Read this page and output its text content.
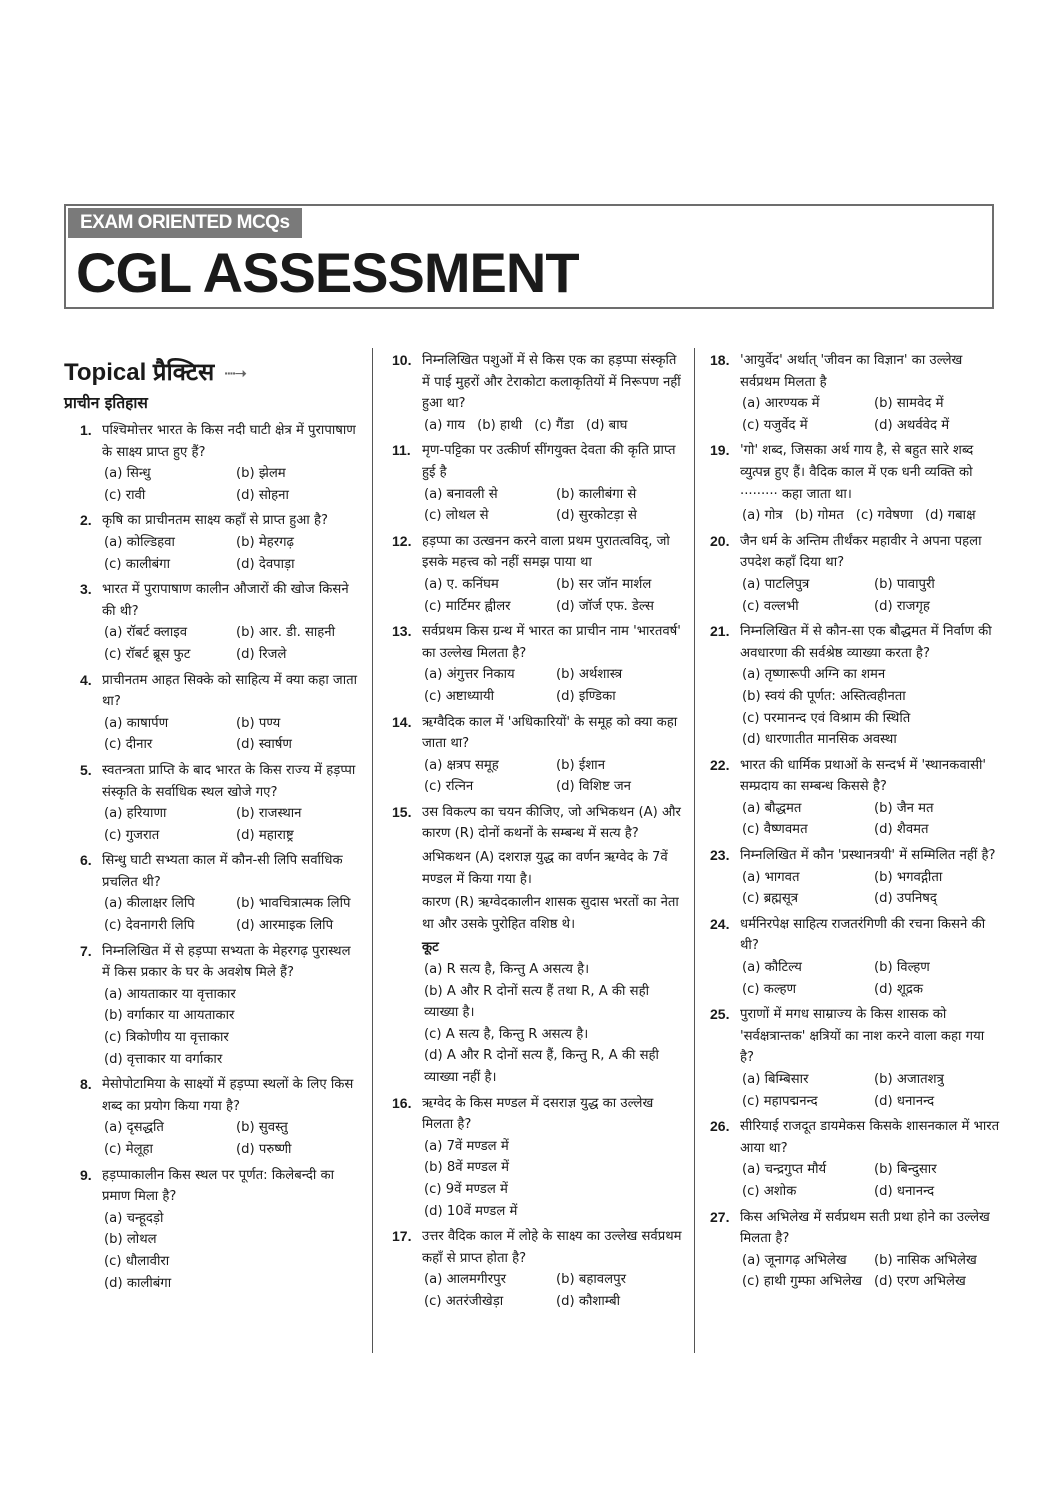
EXAM ORIENTED MCQs
CGL ASSESSMENT
Topical प्रैक्टिस ····➝
प्राचीन इतिहास
1. पश्चिमोत्तर भारत के किस नदी घाटी क्षेत्र में पुरापाषाण के साक्ष्य प्राप्त हुए हैं?
(a) सिन्धु	(b) झेलम
(c) रावी	(d) सोहना
2. कृषि का प्राचीनतम साक्ष्य कहाँ से प्राप्त हुआ है?
(a) कोल्डिहवा	(b) मेहरगढ़
(c) कालीबंगा	(d) देवपाड़ा
3. भारत में पुरापाषाण कालीन औजारों की खोज किसने की थी?
(a) रॉबर्ट क्लाइव	(b) आर. डी. साहनी
(c) रॉबर्ट ब्रूस फुट	(d) रिजले
4. प्राचीनतम आहत सिक्के को साहित्य में क्या कहा जाता था?
(a) काषार्पण	(b) पण्य
(c) दीनार	(d) स्वार्षण
5. स्वतन्त्रता प्राप्ति के बाद भारत के किस राज्य में हड़प्पा संस्कृति के सर्वाधिक स्थल खोजे गए?
(a) हरियाणा	(b) राजस्थान
(c) गुजरात	(d) महाराष्ट्र
6. सिन्धु घाटी सभ्यता काल में कौन-सी लिपि सर्वाधिक प्रचलित थी?
(a) कीलाक्षर लिपि	(b) भावचित्रात्मक लिपि
(c) देवनागरी लिपि	(d) आरमाइक लिपि
7. निम्नलिखित में से हड़प्पा सभ्यता के मेहरगढ़ पुरास्थल में किस प्रकार के घर के अवशेष मिले हैं?
(a) आयताकार या वृत्ताकार
(b) वर्गाकार या आयताकार
(c) त्रिकोणीय या वृत्ताकार
(d) वृत्ताकार या वर्गाकार
8. मेसोपोटामिया के साक्ष्यों में हड़प्पा स्थलों के लिए किस शब्द का प्रयोग किया गया है?
(a) दृसद्धति	(b) सुवस्तु
(c) मेलूहा	(d) परुष्णी
9. हड़प्पाकालीन किस स्थल पर पूर्णत: किलेबन्दी का प्रमाण मिला है?
(a) चन्हूदड़ो
(b) लोथल
(c) धौलावीरा
(d) कालीबंगा
10. निम्नलिखित पशुओं में से किस एक का हड़प्पा संस्कृति में पाई मुहरों और टेराकोटा कलाकृतियों में निरूपण नहीं हुआ था?
(a) गाय (b) हाथी (c) गैंडा (d) बाघ
11. मृण-पट्टिका पर उत्कीर्ण सींगयुक्त देवता की कृति प्राप्त हुई है
(a) बनावली से	(b) कालीबंगा से
(c) लोथल से	(d) सुरकोटड़ा से
12. हड़प्पा का उत्खनन करने वाला प्रथम पुरातत्वविद्, जो इसके महत्त्व को नहीं समझ पाया था
(a) ए. कनिंघम	(b) सर जॉन मार्शल
(c) मार्टिमर ह्वीलर	(d) जॉर्ज एफ. डेल्स
13. सर्वप्रथम किस ग्रन्थ में भारत का प्राचीन नाम 'भारतवर्ष' का उल्लेख मिलता है?
(a) अंगुत्तर निकाय	(b) अर्थशास्त्र
(c) अष्टाध्यायी	(d) इण्डिका
14. ऋग्वैदिक काल में 'अधिकारियों' के समूह को क्या कहा जाता था?
(a) क्षत्रप समूह	(b) ईशान
(c) रत्निन	(d) विशिष्ट जन
15. उस विकल्प का चयन कीजिए, जो अभिकथन (A) और कारण (R) दोनों कथनों के सम्बन्ध में सत्य है?
अभिकथन (A) दशराज्ञ युद्ध का वर्णन ऋग्वेद के 7वें मण्डल में किया गया है।
कारण (R) ऋग्वेदकालीन शासक सुदास भरतों का नेता था और उसके पुरोहित वशिष्ठ थे।
कूट
(a) R सत्य है, किन्तु A असत्य है।
(b) A और R दोनों सत्य हैं तथा R, A की सही व्याख्या है।
(c) A सत्य है, किन्तु R असत्य है।
(d) A और R दोनों सत्य हैं, किन्तु R, A की सही व्याख्या नहीं है।
16. ऋग्वेद के किस मण्डल में दसराज्ञ युद्ध का उल्लेख मिलता है?
(a) 7वें मण्डल में
(b) 8वें मण्डल में
(c) 9वें मण्डल में
(d) 10वें मण्डल में
17. उत्तर वैदिक काल में लोहे के साक्ष्य का उल्लेख सर्वप्रथम कहाँ से प्राप्त होता है?
(a) आलमगीरपुर	(b) बहावलपुर
(c) अतरंजीखेड़ा	(d) कौशाम्बी
18. 'आयुर्वेद' अर्थात् 'जीवन का विज्ञान' का उल्लेख सर्वप्रथम मिलता है
(a) आरण्यक में	(b) सामवेद में
(c) यजुर्वेद में	(d) अथर्ववेद में
19. 'गो' शब्द, जिसका अर्थ गाय है, से बहुत सारे शब्द व्युत्पन्न हुए हैं। वैदिक काल में एक धनी व्यक्ति को ········· कहा जाता था।
(a) गोत्र (b) गोमत (c) गवेषणा (d) गबाक्ष
20. जैन धर्म के अन्तिम तीर्थंकर महावीर ने अपना पहला उपदेश कहाँ दिया था?
(a) पाटलिपुत्र	(b) पावापुरी
(c) वल्लभी	(d) राजगृह
21. निम्नलिखित में से कौन-सा एक बौद्धमत में निर्वाण की अवधारणा की सर्वश्रेष्ठ व्याख्या करता है?
(a) तृष्णारूपी अग्नि का शमन
(b) स्वयं की पूर्णत: अस्तित्वहीनता
(c) परमानन्द एवं विश्राम की स्थिति
(d) धारणातीत मानसिक अवस्था
22. भारत की धार्मिक प्रथाओं के सन्दर्भ में 'स्थानकवासी' सम्प्रदाय का सम्बन्ध किससे है?
(a) बौद्धमत	(b) जैन मत
(c) वैष्णवमत	(d) शैवमत
23. निम्नलिखित में कौन 'प्रस्थानत्रयी' में सम्मिलित नहीं है?
(a) भागवत	(b) भगवद्गीता
(c) ब्रह्मसूत्र	(d) उपनिषद्
24. धर्मनिरपेक्ष साहित्य राजतरंगिणी की रचना किसने की थी?
(a) कौटिल्य	(b) विल्हण
(c) कल्हण	(d) शूद्रक
25. पुराणों में मगध साम्राज्य के किस शासक को 'सर्वक्षत्रान्तक' क्षत्रियों का नाश करने वाला कहा गया है?
(a) बिम्बिसार	(b) अजातशत्रु
(c) महापद्मनन्द	(d) धनानन्द
26. सीरियाई राजदूत डायमेकस किसके शासनकाल में भारत आया था?
(a) चन्द्रगुप्त मौर्य	(b) बिन्दुसार
(c) अशोक	(d) धनानन्द
27. किस अभिलेख में सर्वप्रथम सती प्रथा होने का उल्लेख मिलता है?
(a) जूनागढ़ अभिलेख	(b) नासिक अभिलेख
(c) हाथी गुम्फा अभिलेख (d) एरण अभिलेख
